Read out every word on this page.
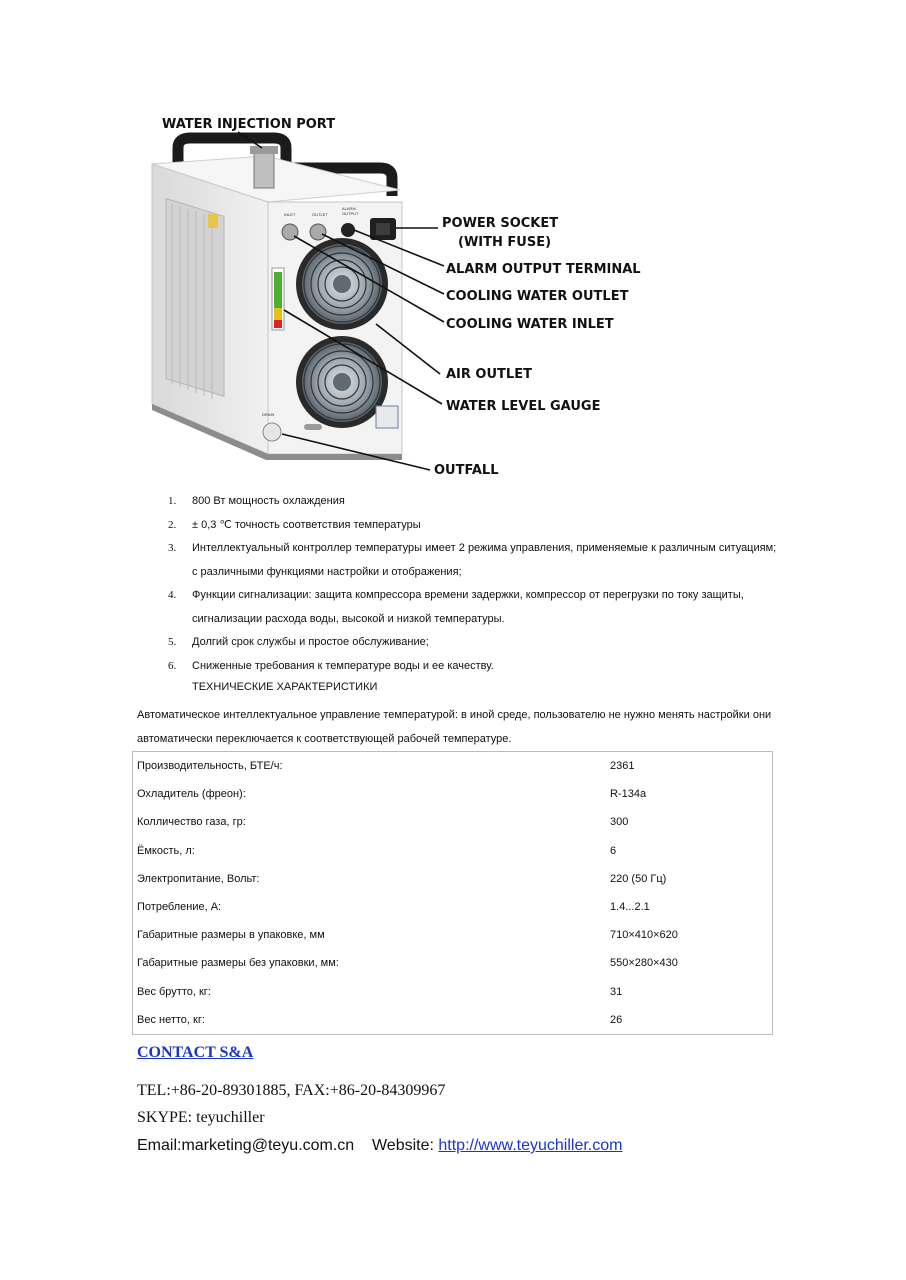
INLET	OUTLET
ALARM
OUTPUT
DRAIN
WATER INJECTION PORT
POWER SOCKET
(WITH FUSE)
ALARM OUTPUT TERMINAL
COOLING WATER OUTLET
COOLING WATER INLET
AIR OUTLET
WATER LEVEL GAUGE
OUTFALL
1. 800 Вт мощность охлаждения
2. ± 0,3 ℃ точность соответствия температуры
3. Интеллектуальный контроллер температуры имеет 2 режима управления, применяемые к различным ситуациям; с различными функциями настройки и отображения;
4. Функции сигнализации: защита компрессора времени задержки, компрессор от перегрузки по току защиты, сигнализации расхода воды, высокой и низкой температуры.
5. Долгий срок службы и простое обслуживание;
6. Сниженные требования к температуре воды и ее качеству.
ТЕХНИЧЕСКИЕ ХАРАКТЕРИСТИКИ
Автоматическое интеллектуальное управление температурой: в иной среде, пользователю не нужно менять настройки они автоматически переключается к соответствующей рабочей температуре.
Производительность, БТЕ/ч:	2361
Охладитель (фреон):	R-134a
Колличество газа, гр:	300
Ёмкость, л:	6
Электропитание, Вольт:	220 (50 Гц)
Потребление, А:	1.4...2.1
Габаритные размеры в упаковке, мм	710×410×620
Габаритные размеры без упаковки, мм:	550×280×430
Вес брутто, кг:	31
Вес нетто, кг:	26
CONTACT S&A
TEL:+86-20-89301885, FAX:+86-20-84309967
SKYPE: teyuchiller
Email:marketing@teyu.com.cn Website: http://www.teyuchiller.com
